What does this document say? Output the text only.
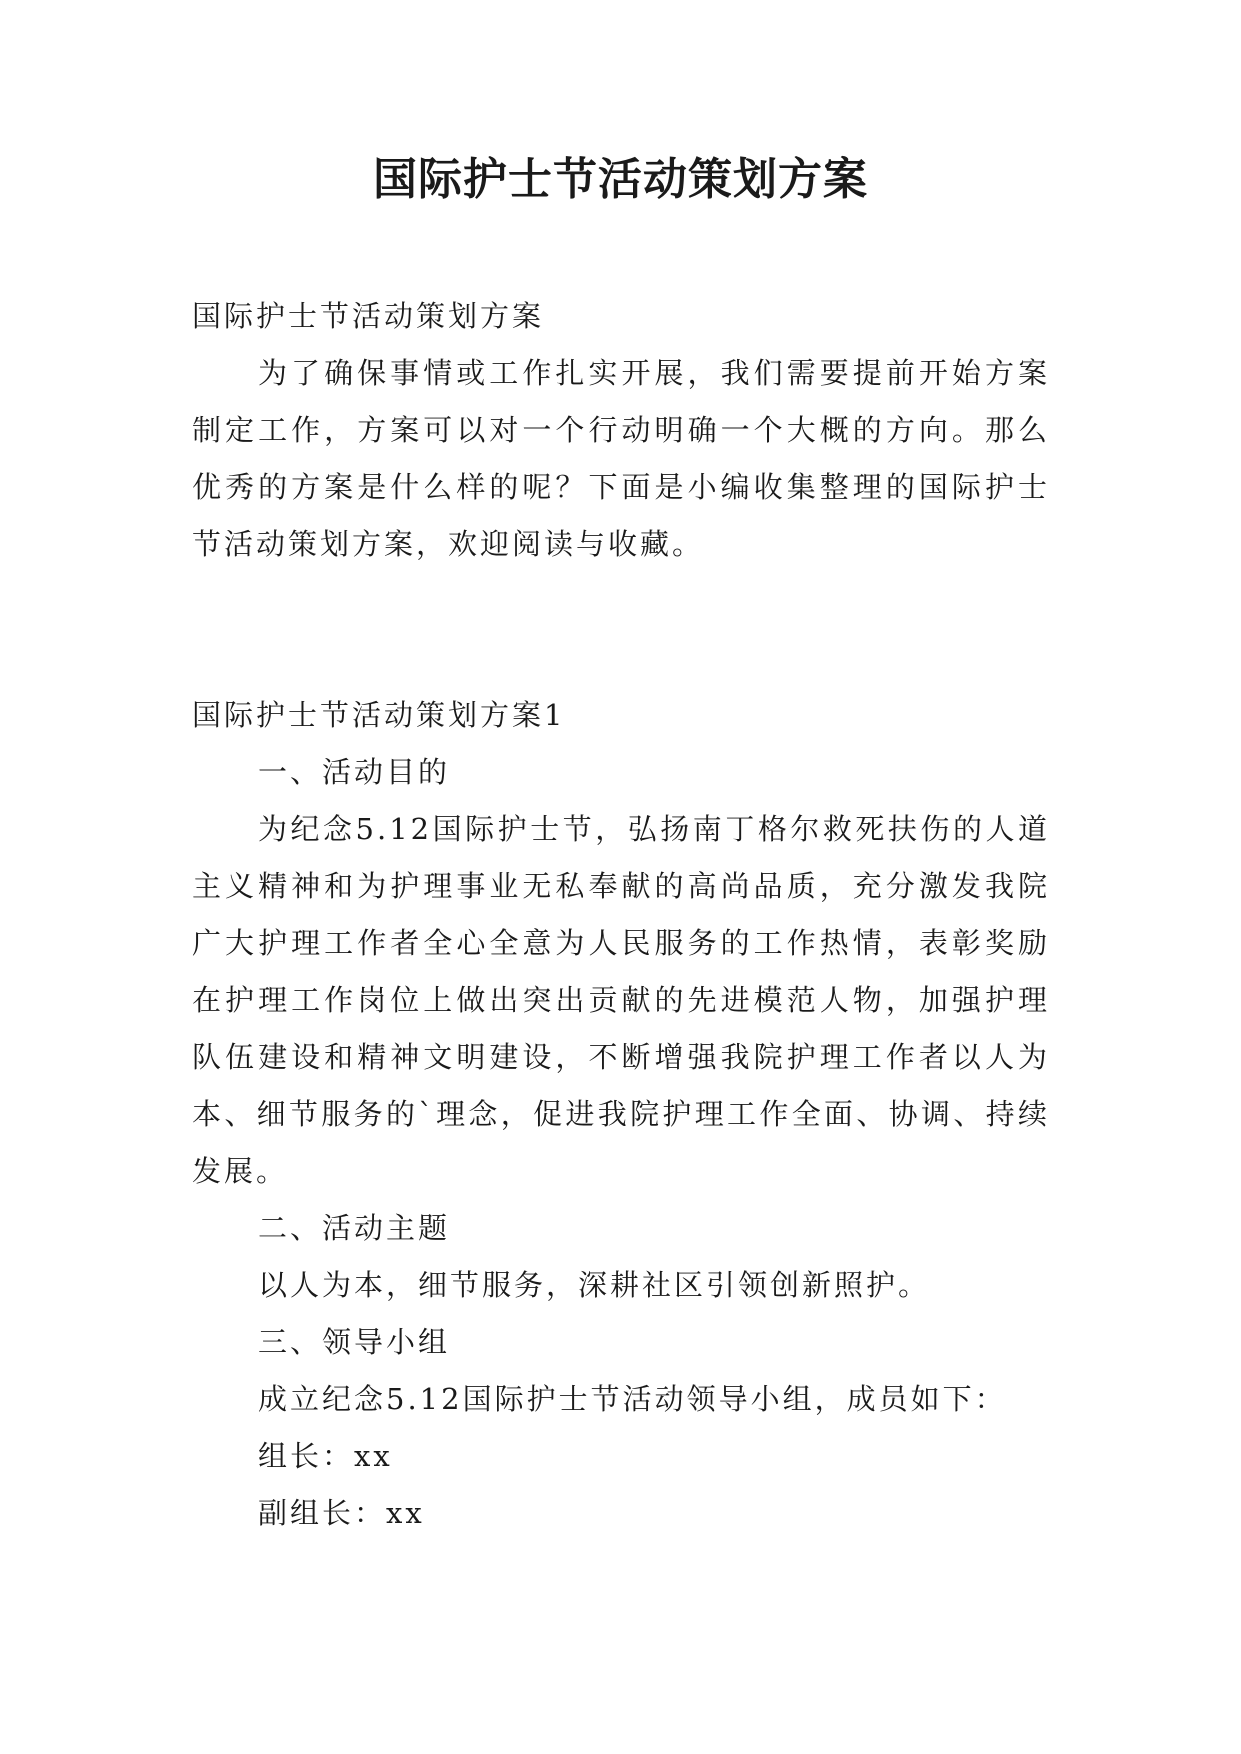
国际护士节活动策划方案

国际护士节活动策划方案

为了确保事情或工作扎实开展，我们需要提前开始方案制定工作，方案可以对一个行动明确一个大概的方向。那么优秀的方案是什么样的呢？下面是小编收集整理的国际护士节活动策划方案，欢迎阅读与收藏。

国际护士节活动策划方案1

一、活动目的

为纪念5.12国际护士节，弘扬南丁格尔救死扶伤的人道主义精神和为护理事业无私奉献的高尚品质，充分激发我院广大护理工作者全心全意为人民服务的工作热情，表彰奖励在护理工作岗位上做出突出贡献的先进模范人物，加强护理队伍建设和精神文明建设，不断增强我院护理工作者以人为本、细节服务的`理念，促进我院护理工作全面、协调、持续发展。

二、活动主题

以人为本，细节服务，深耕社区引领创新照护。

三、领导小组

成立纪念5.12国际护士节活动领导小组，成员如下：

组长：xx

副组长：xx
